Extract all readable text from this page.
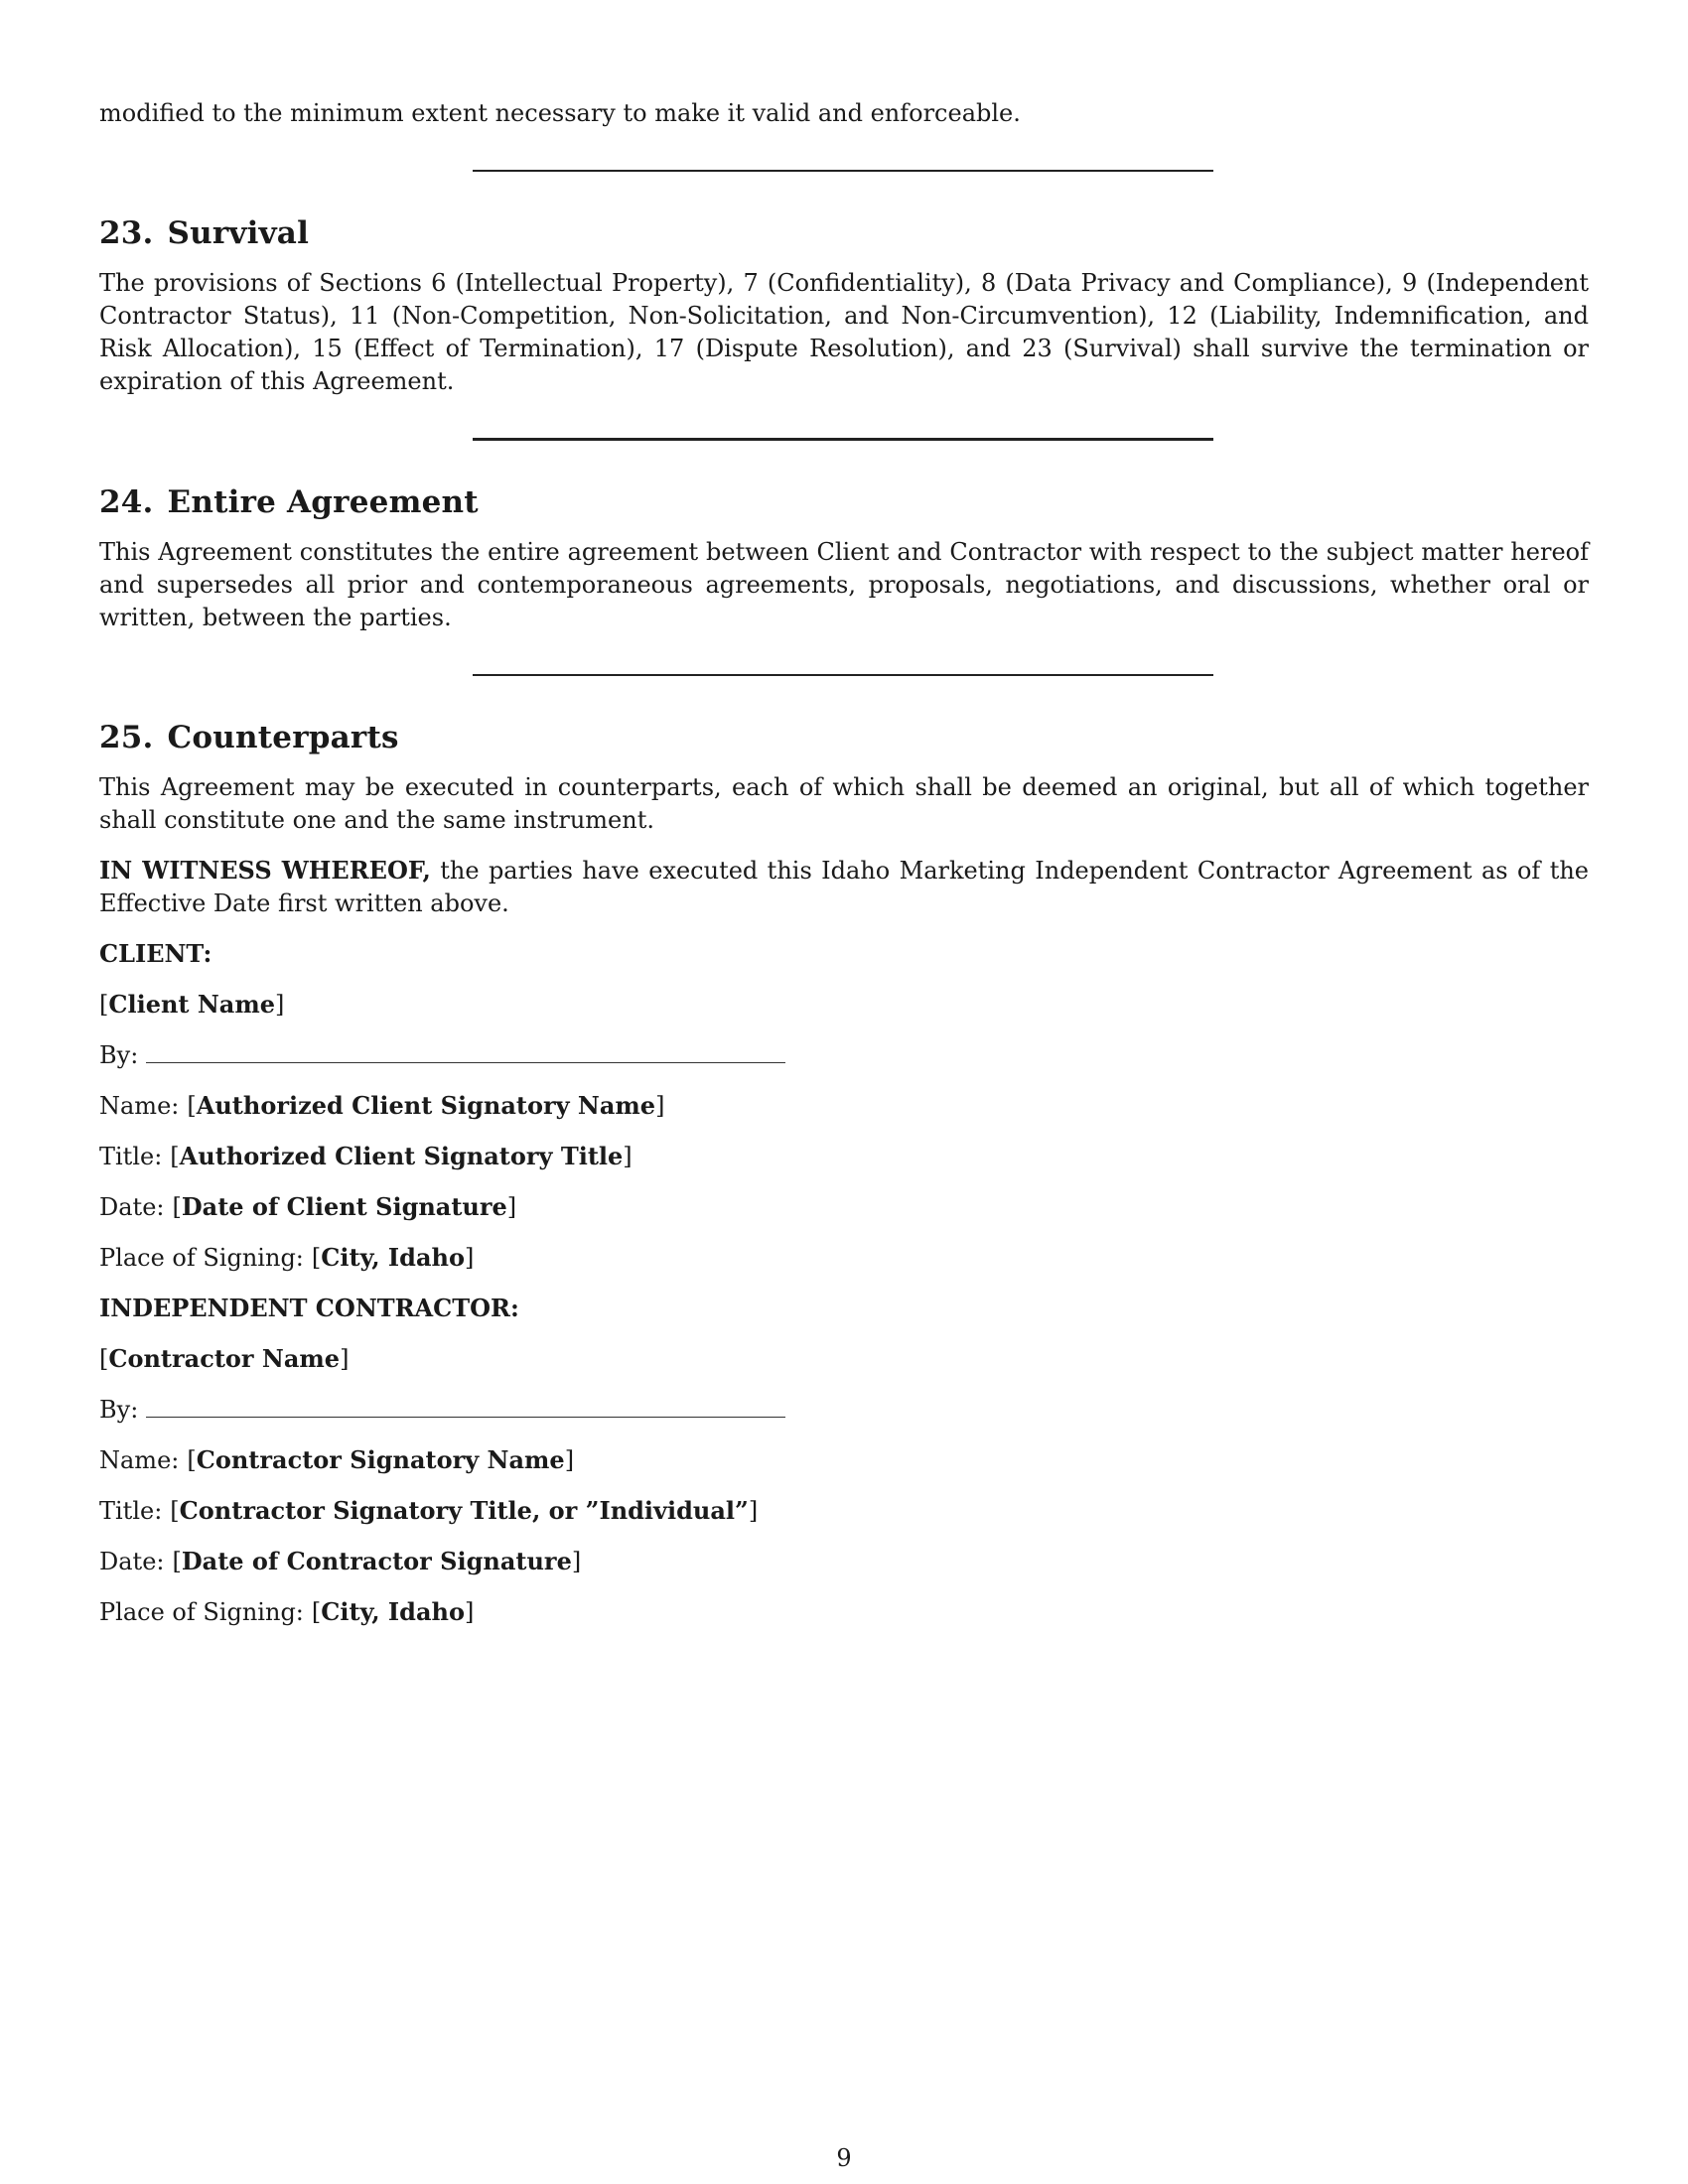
modified to the minimum extent necessary to make it valid and enforceable.

23. Survival

The provisions of Sections 6 (Intellectual Property), 7 (Confidentiality), 8 (Data Privacy and Compliance), 9 (Independent Contractor Status), 11 (Non-Competition, Non-Solicitation, and Non-Circumvention), 12 (Liability, Indemnification, and Risk Allocation), 15 (Effect of Termination), 17 (Dispute Resolution), and 23 (Survival) shall survive the termination or expiration of this Agreement.

24. Entire Agreement

This Agreement constitutes the entire agreement between Client and Contractor with respect to the subject matter hereof and supersedes all prior and contemporaneous agreements, proposals, negotiations, and discussions, whether oral or written, between the parties.

25. Counterparts

This Agreement may be executed in counterparts, each of which shall be deemed an original, but all of which together shall constitute one and the same instrument.

IN WITNESS WHEREOF, the parties have executed this Idaho Marketing Independent Contractor Agreement as of the Effective Date first written above.

CLIENT:
[Client Name]
By:
Name: [Authorized Client Signatory Name]
Title: [Authorized Client Signatory Title]
Date: [Date of Client Signature]
Place of Signing: [City, Idaho]
INDEPENDENT CONTRACTOR:
[Contractor Name]
By:
Name: [Contractor Signatory Name]
Title: [Contractor Signatory Title, or ”Individual”]
Date: [Date of Contractor Signature]
Place of Signing: [City, Idaho]
9
